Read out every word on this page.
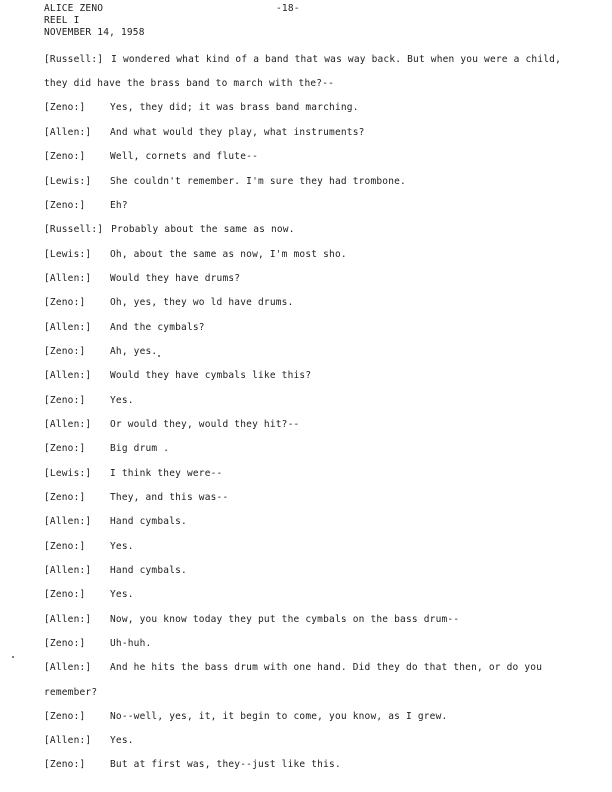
ALICE ZENO
REEL I
NOVEMBER 14, 1958
-18-
[Russell:] I wondered what kind of a band that was way back. But when you were a child,
they did have the brass band to march with the?--
[Zeno:]	Yes, they did; it was brass band marching.
[Allen:] And what would they play, what instruments?
[Zeno:]	Well, cornets and flute--
[Lewis:] She couldn't remember. I'm sure they had trombone.
[Zeno:]	Eh?
[Russell:] Probably about the same as now.
[Lewis:] Oh, about the same as now, I'm most sho.
[Allen:] Would they have drums?
[Zeno:]	Oh, yes, they wo ld have drums.
[Allen:] And the cymbals?
[Zeno:]	Ah, yes.
[Allen:] Would they have cymbals like this?
[Zeno:]	Yes.
[Allen:] Or would they, would they hit?--
[Zeno:]	Big drum .
[Lewis:] I think they were--
[Zeno:]	They, and this was--
[Allen:] Hand cymbals.
[Zeno:]	Yes.
[Allen:] Hand cymbals.
[Zeno:]	Yes.
[Allen:] Now, you know today they put the cymbals on the bass drum--
[Zeno:]	Uh-huh.
[Allen:] And he hits the bass drum with one hand. Did they do that then, or do you
remember?
[Zeno:]	No--well, yes, it, it begin to come, you know, as I grew.
[Allen:] Yes.
[Zeno:]	But at first was, they--just like this.
